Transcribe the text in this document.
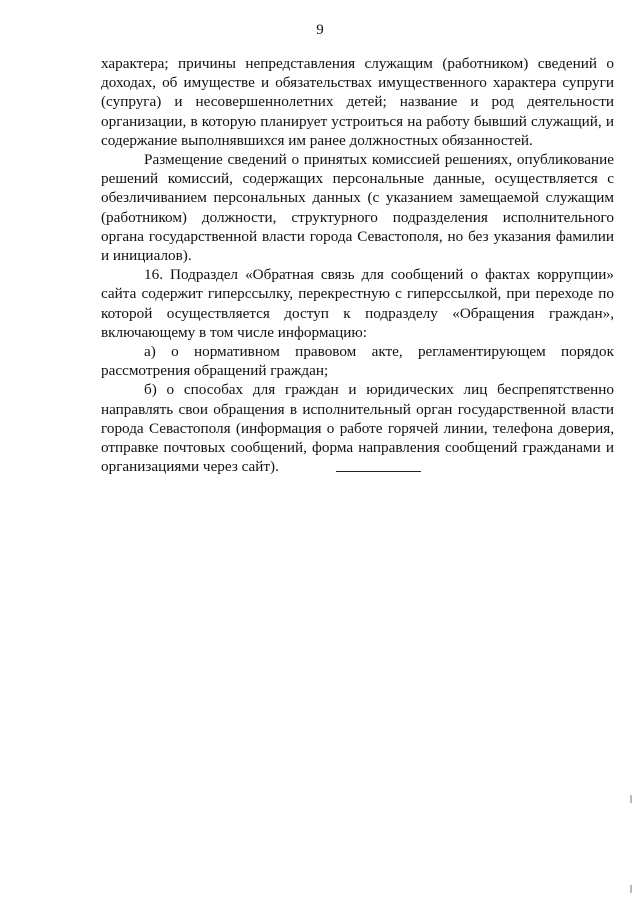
9

характера; причины непредставления служащим (работником) сведений о доходах, об имуществе и обязательствах имущественного характера супруги (супруга) и несовершеннолетних детей; название и род деятельности организации, в которую планирует устроиться на работу бывший служащий, и содержание выполнявшихся им ранее должностных обязанностей.

Размещение сведений о принятых комиссией решениях, опубликование решений комиссий, содержащих персональные данные, осуществляется с обезличиванием персональных данных (с указанием замещаемой служащим (работником) должности, структурного подразделения исполнительного органа государственной власти города Севастополя, но без указания фамилии и инициалов).

16. Подраздел «Обратная связь для сообщений о фактах коррупции» сайта содержит гиперссылку, перекрестную с гиперссылкой, при переходе по которой осуществляется доступ к подразделу «Обращения граждан», включающему в том числе информацию:

а) о нормативном правовом акте, регламентирующем порядок рассмотрения обращений граждан;

б) о способах для граждан и юридических лиц беспрепятственно направлять свои обращения в исполнительный орган государственной власти города Севастополя (информация о работе горячей линии, телефона доверия, отправке почтовых сообщений, форма направления сообщений гражданами и организациями через сайт).
